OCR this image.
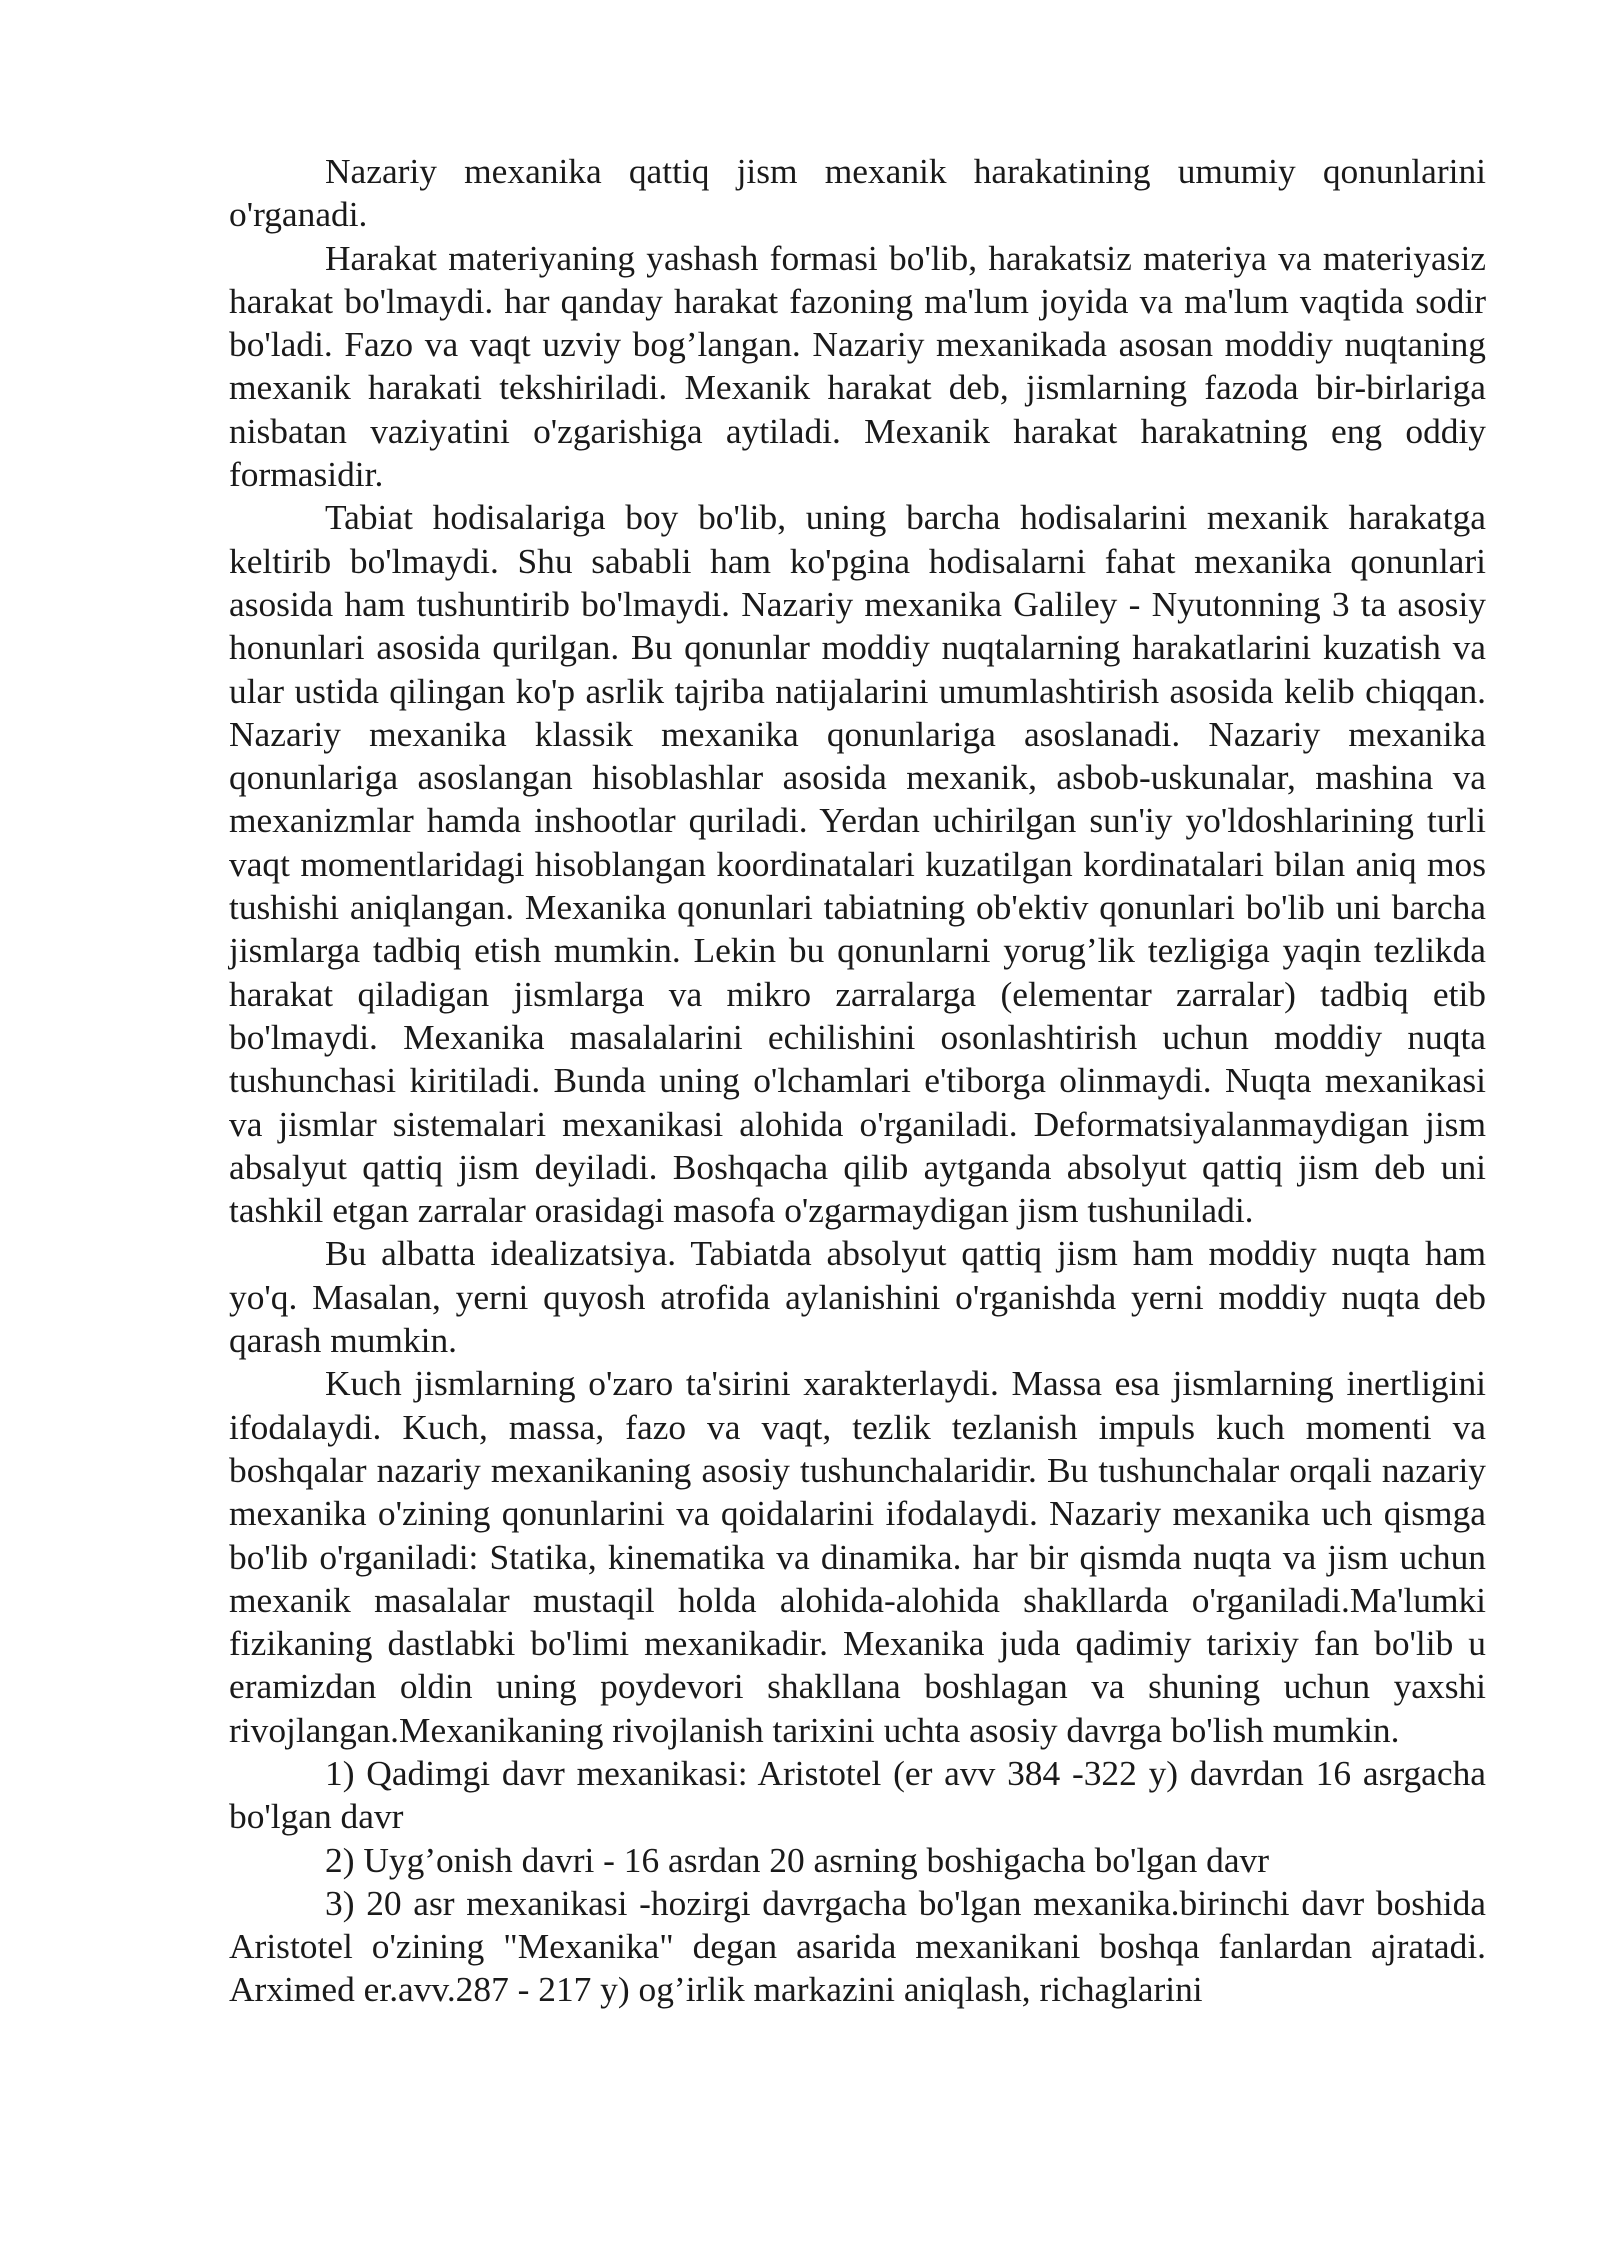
Nazariy mexanika qattiq jism mexanik harakatining umumiy qonunlarini o'rganadi.

Harakat materiyaning yashash formasi bo'lib, harakatsiz materiya va materiyasiz harakat bo'lmaydi. har qanday harakat fazoning ma'lum joyida va ma'lum vaqtida sodir bo'ladi. Fazo va vaqt uzviy bog’langan. Nazariy mexanikada asosan moddiy nuqtaning mexanik harakati tekshiriladi. Mexanik harakat deb, jismlarning fazoda bir-birlariga nisbatan vaziyatini o'zgarishiga aytiladi. Mexanik harakat harakatning eng oddiy formasidir.

Tabiat hodisalariga boy bo'lib, uning barcha hodisalarini mexanik harakatga keltirib bo'lmaydi. Shu sababli ham ko'pgina hodisalarni fahat mexanika qonunlari asosida ham tushuntirib bo'lmaydi. Nazariy mexanika Galiley - Nyutonning 3 ta asosiy honunlari asosida qurilgan. Bu qonunlar moddiy nuqtalarning harakatlarini kuzatish va ular ustida qilingan ko'p asrlik tajriba natijalarini umumlashtirish asosida kelib chiqqan. Nazariy mexanika klassik mexanika qonunlariga asoslanadi. Nazariy mexanika qonunlariga asoslangan hisoblashlar asosida mexanik, asbob-uskunalar, mashina va mexanizmlar hamda inshootlar quriladi. Yerdan uchirilgan sun'iy yo'ldoshlarining turli vaqt momentlaridagi hisoblangan koordinatalari kuzatilgan kordinatalari bilan aniq mos tushishi aniqlangan. Mexanika qonunlari tabiatning ob'ektiv qonunlari bo'lib uni barcha jismlarga tadbiq etish mumkin. Lekin bu qonunlarni yorug’lik tezligiga yaqin tezlikda harakat qiladigan jismlarga va mikro zarralarga (elementar zarralar) tadbiq etib bo'lmaydi. Mexanika masalalarini echilishini osonlashtirish uchun moddiy nuqta tushunchasi kiritiladi. Bunda uning o'lchamlari e'tiborga olinmaydi. Nuqta mexanikasi va jismlar sistemalari mexanikasi alohida o'rganiladi. Deformatsiyalanmaydigan jism absalyut qattiq jism deyiladi. Boshqacha qilib aytganda absolyut qattiq jism deb uni tashkil etgan zarralar orasidagi masofa o'zgarmaydigan jism tushuniladi.

Bu albatta idealizatsiya. Tabiatda absolyut qattiq jism ham moddiy nuqta ham yo'q. Masalan, yerni quyosh atrofida aylanishini o'rganishda yerni moddiy nuqta deb qarash mumkin.

Kuch jismlarning o'zaro ta'sirini xarakterlaydi. Massa esa jismlarning inertligini ifodalaydi. Kuch, massa, fazo va vaqt, tezlik tezlanish impuls kuch momenti va boshqalar nazariy mexanikaning asosiy tushunchalaridir. Bu tushunchalar orqali nazariy mexanika o'zining qonunlarini va qoidalarini ifodalaydi. Nazariy mexanika uch qismga bo'lib o'rganiladi: Statika, kinematika va dinamika. har bir qismda nuqta va jism uchun mexanik masalalar mustaqil holda alohida-alohida shakllarda o'rganiladi.Ma'lumki fizikaning dastlabki bo'limi mexanikadir. Mexanika juda qadimiy tarixiy fan bo'lib u eramizdan oldin uning poydevori shakllana boshlagan va shuning uchun yaxshi rivojlangan.Mexanikaning rivojlanish tarixini uchta asosiy davrga bo'lish mumkin.

1) Qadimgi davr mexanikasi: Aristotel (er avv 384 -322 y) davrdan 16 asrgacha bo'lgan davr

2) Uyg’onish davri - 16 asrdan 20 asrning boshigacha bo'lgan davr

3) 20 asr mexanikasi -hozirgi davrgacha bo'lgan mexanika.birinchi davr boshida Aristotel o'zining "Mexanika" degan asarida mexanikani boshqa fanlardan ajratadi. Arximed er.avv.287 - 217 y) og’irlik markazini aniqlash, richaglarini
